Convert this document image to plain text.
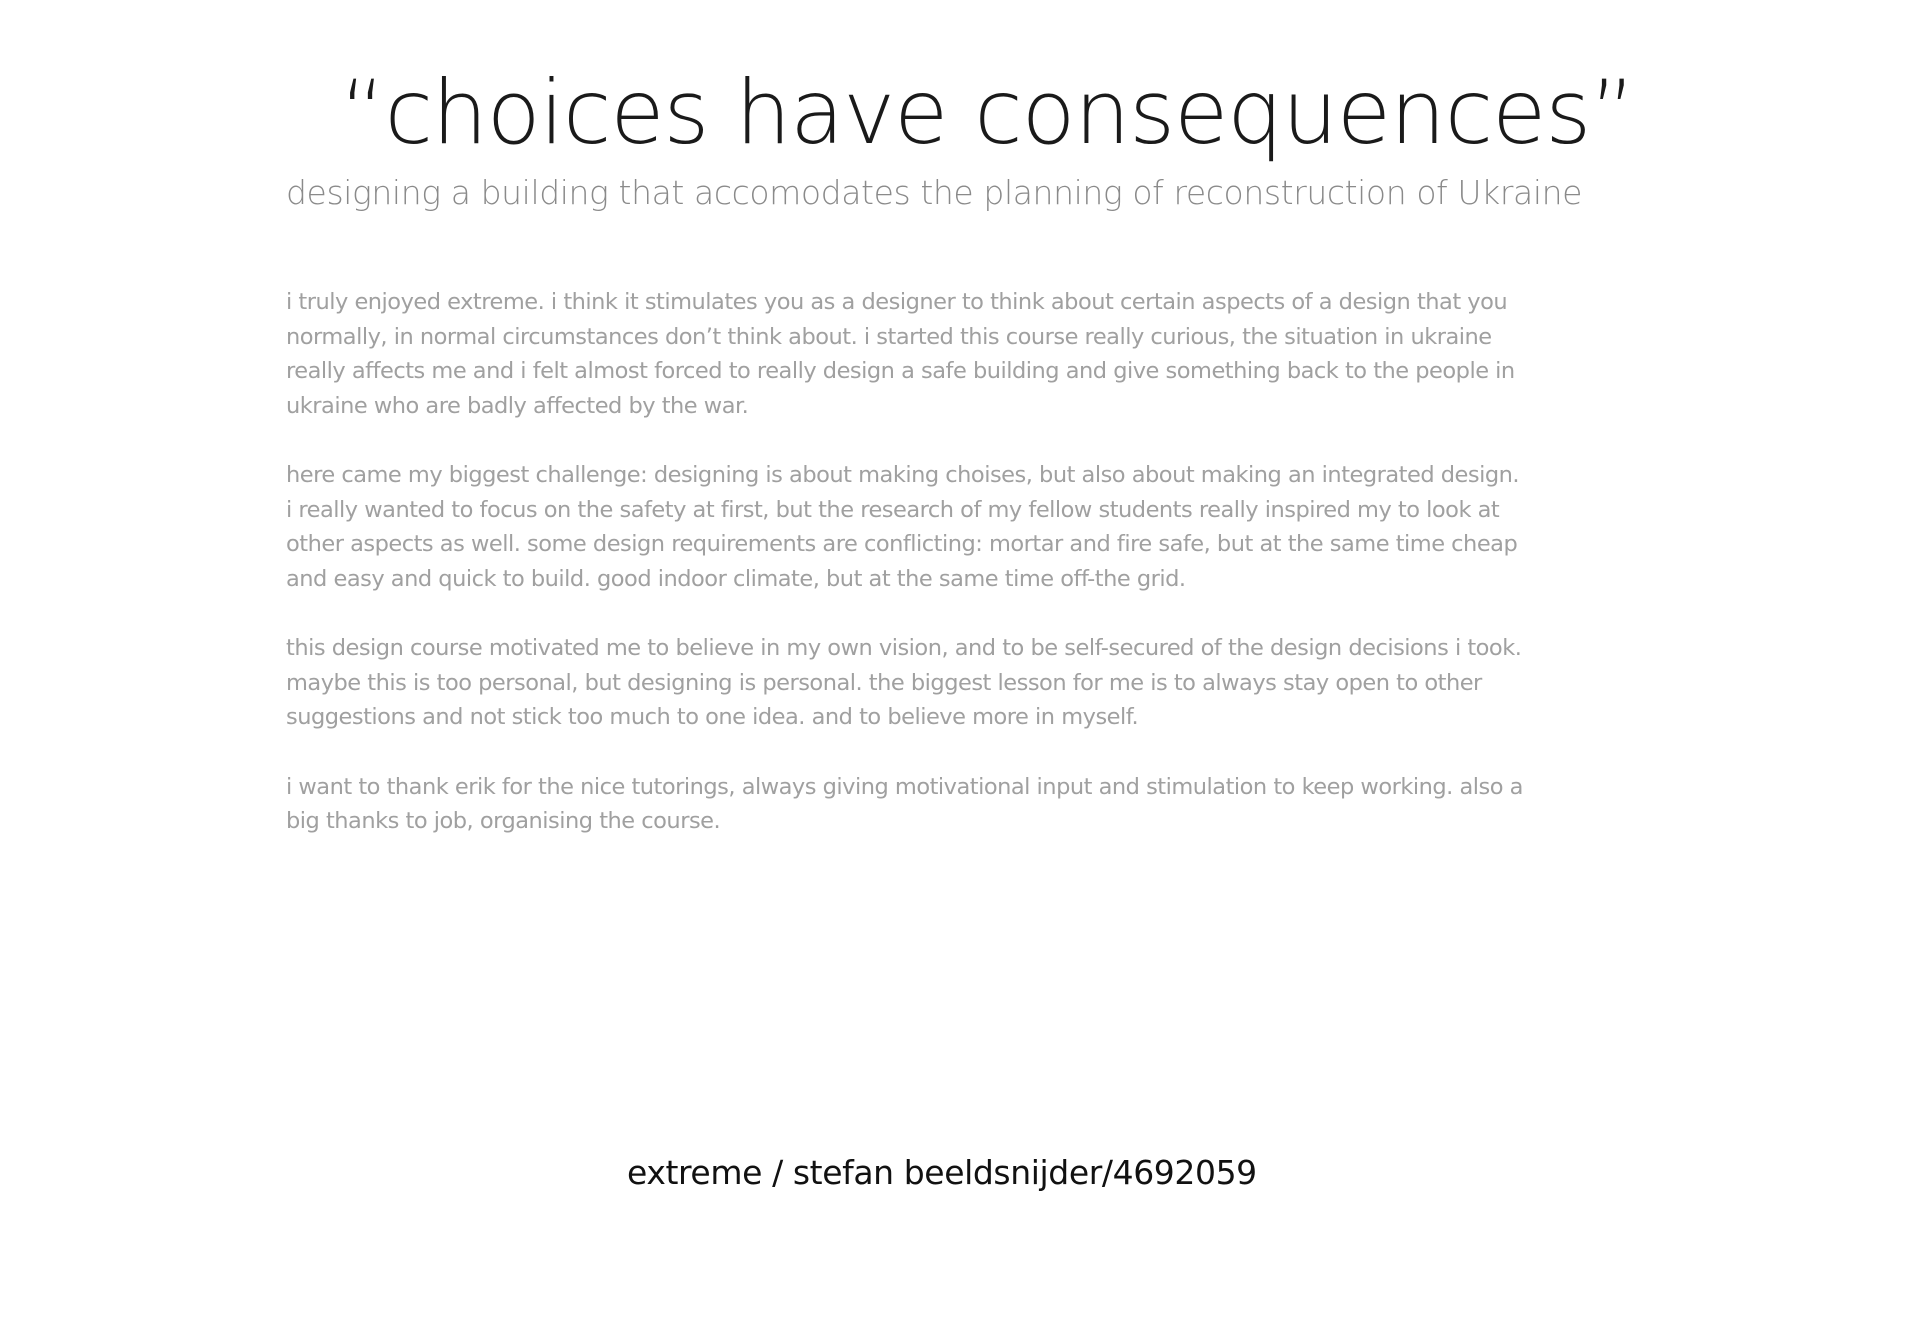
“choices have consequences”
designing a building that accomodates the planning of reconstruction of Ukraine

i truly enjoyed extreme. i think it stimulates you as a designer to think about certain aspects of a design that you
normally, in normal circumstances don’t think about. i started this course really curious, the situation in ukraine
really affects me and i felt almost forced to really design a safe building and give something back to the people in
ukraine who are badly affected by the war.

here came my biggest challenge: designing is about making choises, but also about making an integrated design.
i really wanted to focus on the safety at first, but the research of my fellow students really inspired my to look at
other aspects as well. some design requirements are conflicting: mortar and fire safe, but at the same time cheap
and easy and quick to build. good indoor climate, but at the same time off-the grid.

this design course motivated me to believe in my own vision, and to be self-secured of the design decisions i took.
maybe this is too personal, but designing is personal. the biggest lesson for me is to always stay open to other
suggestions and not stick too much to one idea. and to believe more in myself.

i want to thank erik for the nice tutorings, always giving motivational input and stimulation to keep working. also a
big thanks to job, organising the course.

extreme / stefan beeldsnijder/4692059
